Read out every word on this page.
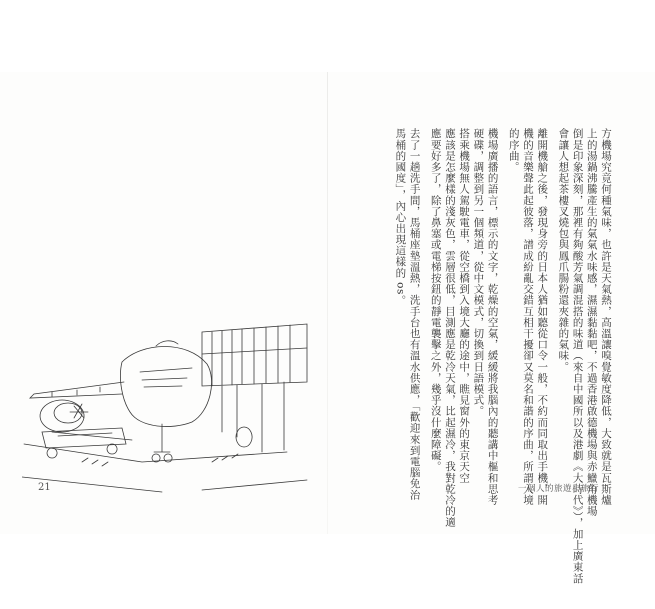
21	方機場究竟何種氣味，也許是天氣熱，高溫讓嗅覺敏度降低，大致就是瓦斯爐
上的湯鍋沸騰產生的氣氣水味感，濕濕黏黏吧，不過香港啟德機場與赤鱲角機場
倒是印象深刻，那裡有夠酸芳氣調混搭的味道（來自中國所以及港劇《大時代》），加上廣東話
會讓人想起茶樓叉燒包與鳳爪腸粉還夾雜的氣味。
離開機艙之後，發現身旁的日本人猶如聽從口令一般，不約而同取出手機，開
機的音樂聲此起彼落，譜成紛亂交錯互相干擾卻又莫名和諧的序曲，所謂入境
的序曲。
機場廣播的語言，標示的文字，乾燥的空氣，緩緩將我腦內的聽講中樞和思考
硬碟，調整到另一個頻道，從中文模式，切換到日語模式。
搭乘機場無人駕駛電車，從空橋到入境大廳的途中，瞧見窗外的東京天空
應該是怎麼樣的淺灰色，雲層很低，目測應是乾冷天氣，比起濕冷，我對乾冷的適
應要好多了，除了鼻塞或電梯按鈕的靜電襲擊之外，幾乎沒什麼障礙。
去了一趟洗手間，馬桶座墊溫熱，洗手台也有溫水供應，「歡迎來到電腦免治
馬桶的國度」，內心出現這樣的 os。
一個人的旅遊小旅行
